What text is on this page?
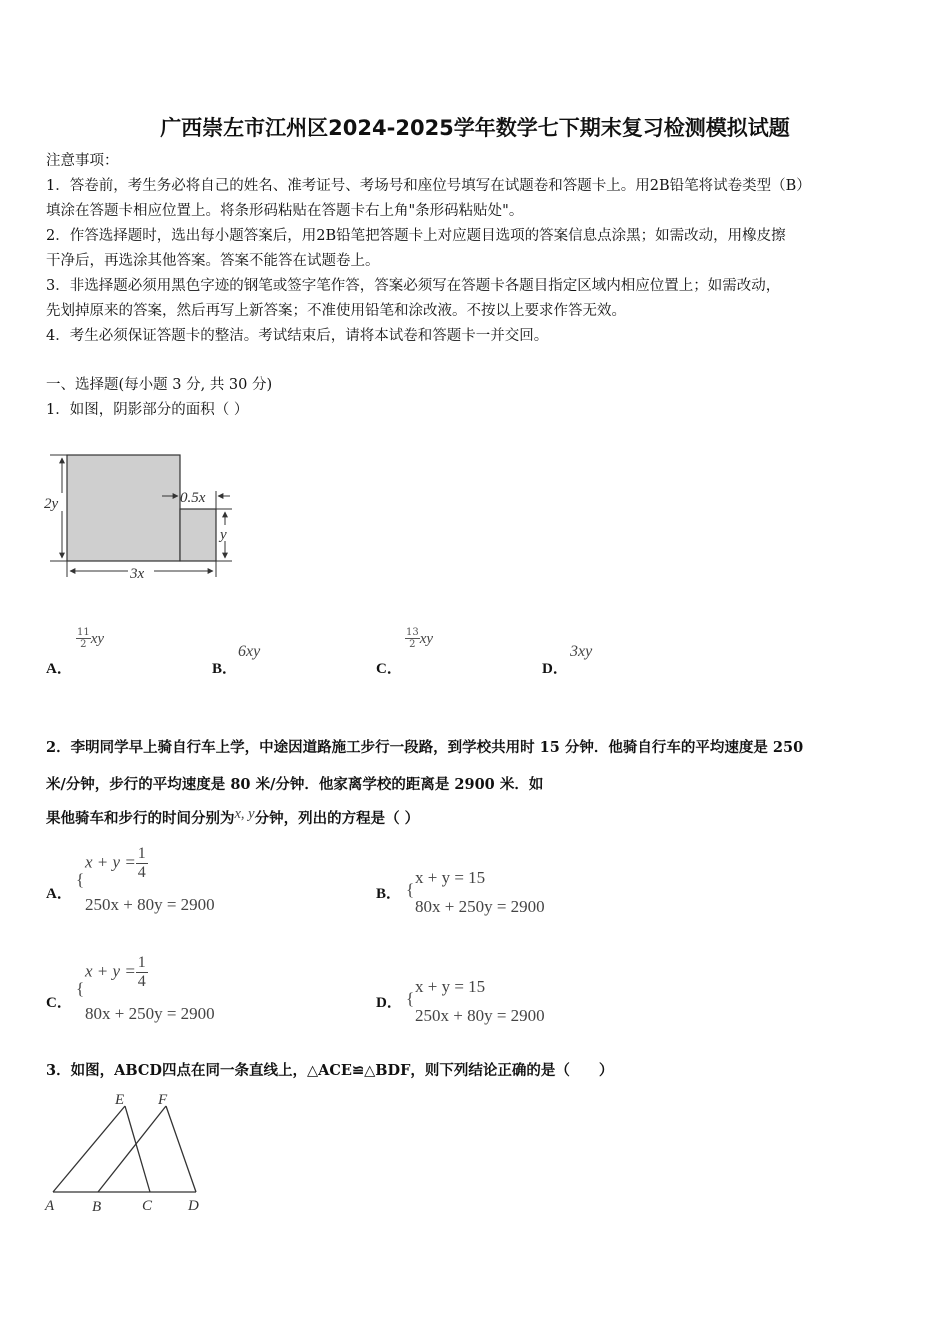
广西崇左市江州区2024-2025学年数学七下期末复习检测模拟试题
注意事项：
1．答卷前，考生务必将自己的姓名、准考证号、考场号和座位号填写在试题卷和答题卡上。用2B铅笔将试卷类型（B）
填涂在答题卡相应位置上。将条形码粘贴在答题卡右上角"条形码粘贴处"。
2．作答选择题时，选出每小题答案后，用2B铅笔把答题卡上对应题目选项的答案信息点涂黑；如需改动，用橡皮擦
干净后，再选涂其他答案。答案不能答在试题卷上。
3．非选择题必须用黑色字迹的钢笔或签字笔作答，答案必须写在答题卡各题目指定区域内相应位置上；如需改动，
先划掉原来的答案，然后再写上新答案；不准使用铅笔和涂改液。不按以上要求作答无效。
4．考生必须保证答题卡的整洁。考试结束后，请将本试卷和答题卡一并交回。
一、选择题(每小题 3 分, 共 30 分)
1．如图，阴影部分的面积（ ）
2y	0.5x
y
3x
A．
$\frac{11}{2}$ xy
B．
6xy
C．
$\frac{13}{2}$ xy
D．
3xy
2．李明同学早上骑自行车上学，中途因道路施工步行一段路，到学校共用时 15 分钟．他骑自行车的平均速度是 250
米/分钟，步行的平均速度是 80 米/分钟．他家离学校的距离是 2900 米．如
果他骑车和步行的时间分别为x, y分钟，列出的方程是（ ）
A．
{
$x + y = \frac{1}{4}$
250x + 80y = 2900
B． {
x + y = 15
80x + 250y = 2900
C．
{
$x + y = \frac{1}{4}$
80x + 250y = 2900
D． {
x + y = 15
250x + 80y = 2900
3．如图，ABCD四点在同一条直线上，△ACE≌△BDF，则下列结论正确的是（　　）
A	B	C D
E F
